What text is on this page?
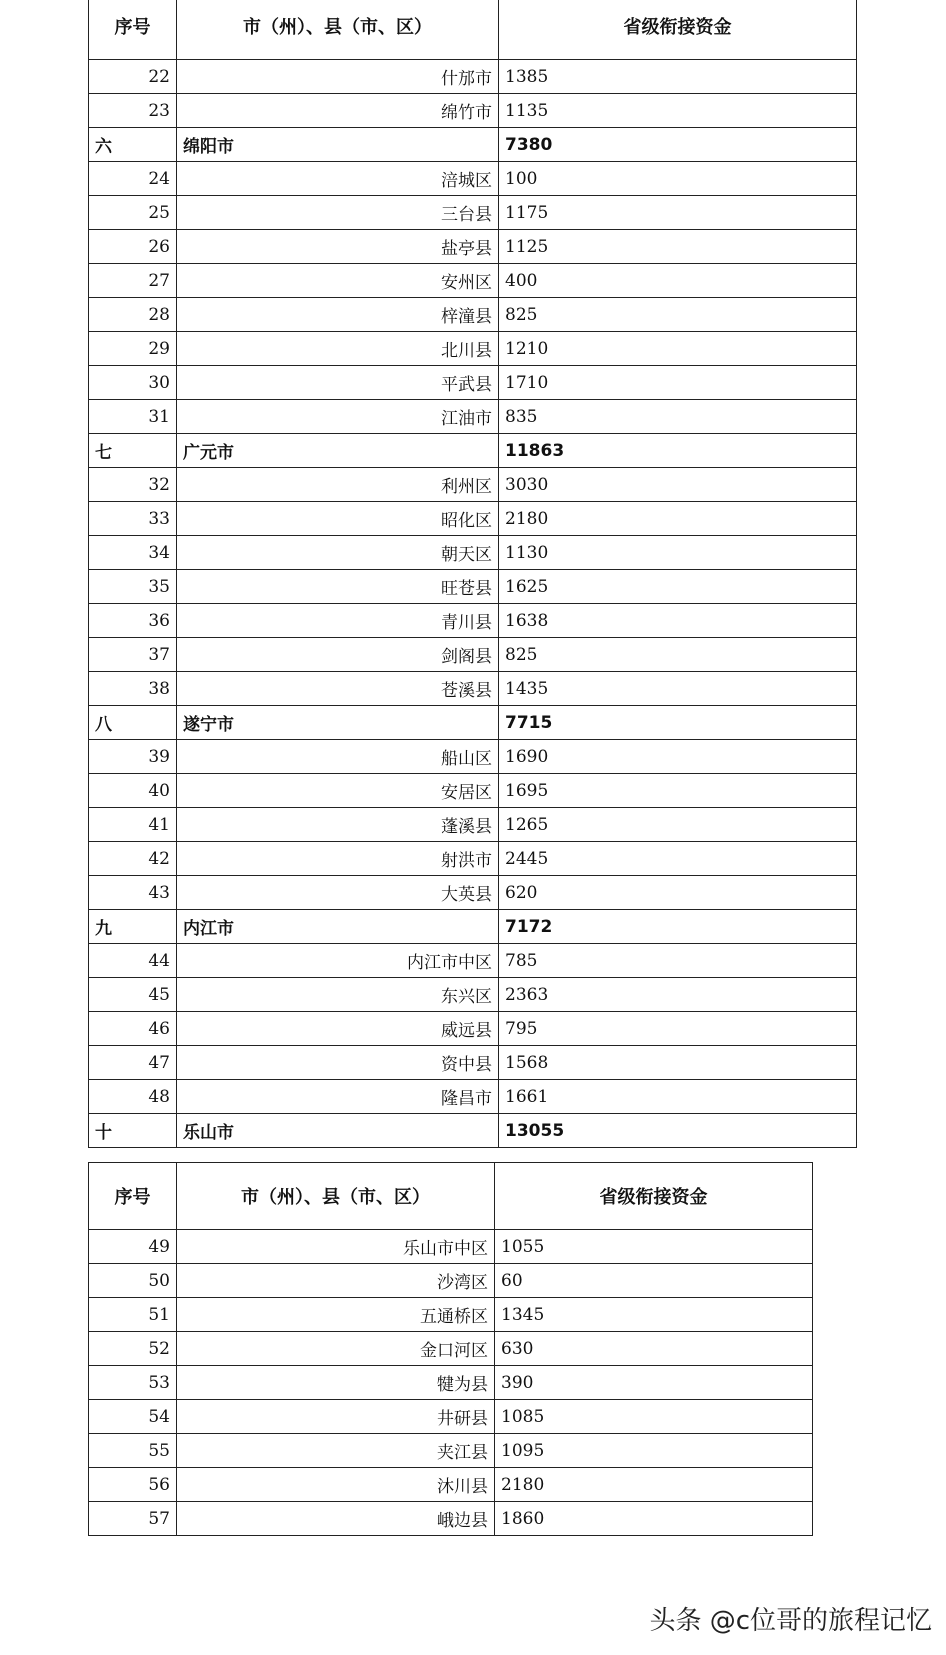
序号	市（州）、县（市、区）	省级衔接资金
22	什邡市	1385
23	绵竹市	1135
六	绵阳市	7380
24	涪城区	100
25	三台县	1175
26	盐亭县	1125
27	安州区	400
28	梓潼县	825
29	北川县	1210
30	平武县	1710
31	江油市	835
七	广元市	11863
32	利州区	3030
33	昭化区	2180
34	朝天区	1130
35	旺苍县	1625
36	青川县	1638
37	剑阁县	825
38	苍溪县	1435
八	遂宁市	7715
39	船山区	1690
40	安居区	1695
41	蓬溪县	1265
42	射洪市	2445
43	大英县	620
九	内江市	7172
44	内江市中区	785
45	东兴区	2363
46	威远县	795
47	资中县	1568
48	隆昌市	1661
十	乐山市	13055
序号	市（州）、县（市、区）	省级衔接资金
49	乐山市中区	1055
50	沙湾区	60
51	五通桥区	1345
52	金口河区	630
53	犍为县	390
54	井研县	1085
55	夹江县	1095
56	沐川县	2180
57	峨边县	1860
头条 @c位哥的旅程记忆
